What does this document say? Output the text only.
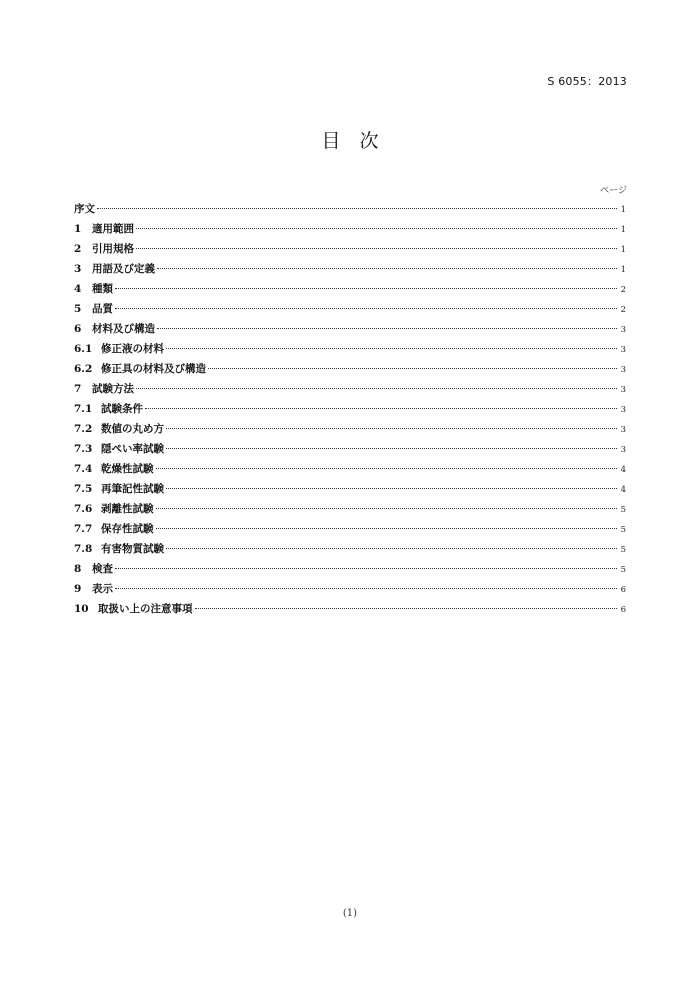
S 6055：2013
目　次
ページ
序文	1
1	適用範囲	1
2	引用規格	1
3	用語及び定義	1
4	種類	2
5	品質	2
6	材料及び構造	3
6.1 修正液の材料	3
6.2 修正具の材料及び構造	3
7	試験方法	3
7.1 試験条件	3
7.2 数値の丸め方	3
7.3 隠ぺい率試験	3
7.4 乾燥性試験	4
7.5 再筆記性試験	4
7.6 剥離性試験	5
7.7 保存性試験	5
7.8 有害物質試験	5
8	検査	5
9	表示	6
10 取扱い上の注意事項	6
(1)
